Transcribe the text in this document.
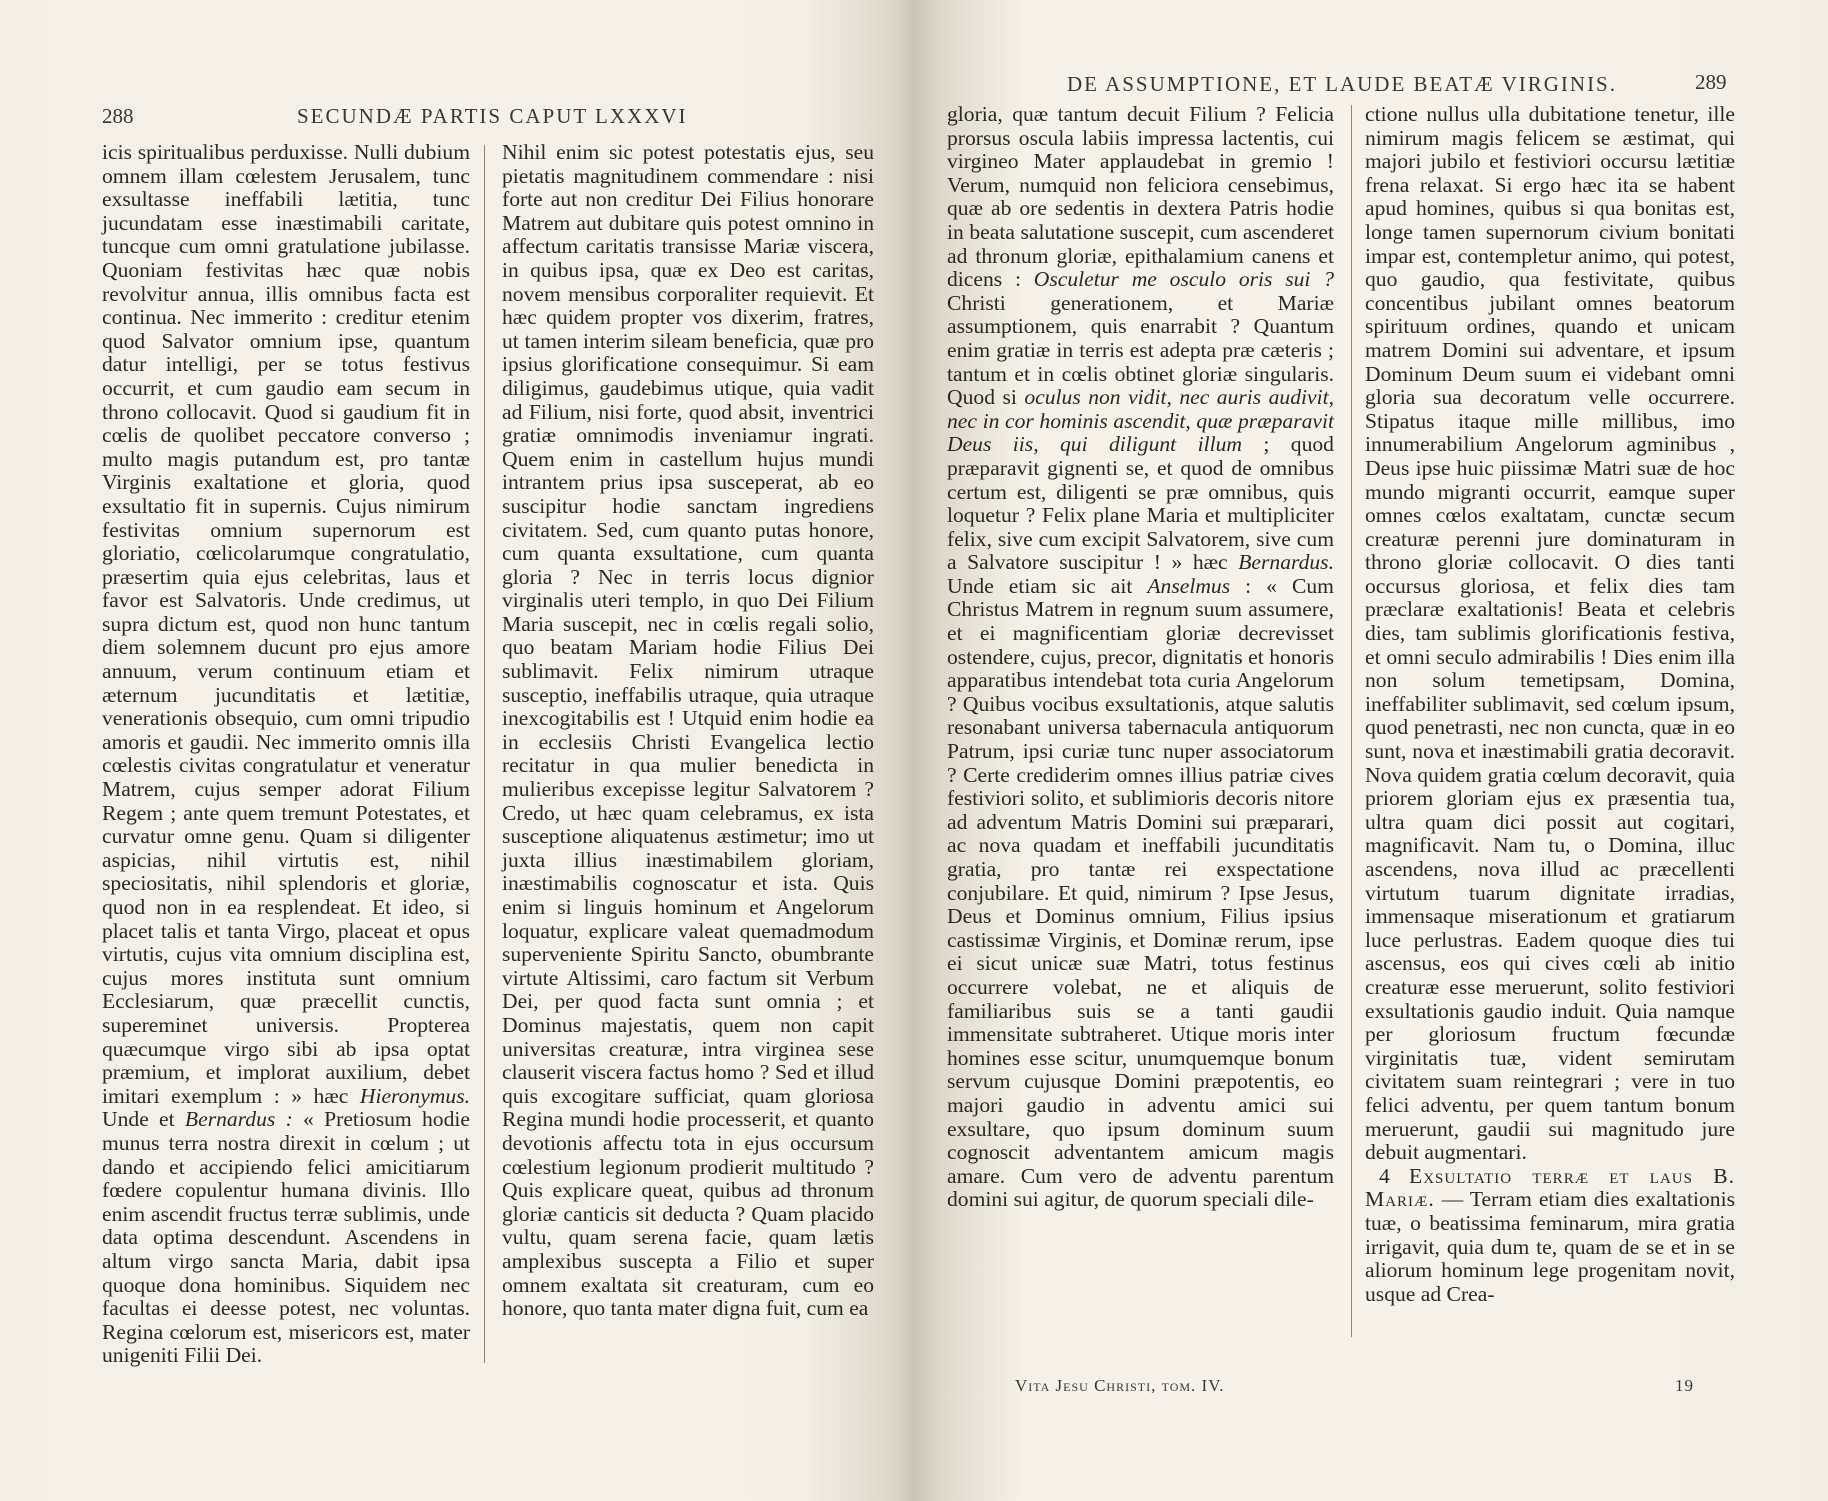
288	SECUNDÆ PARTIS CAPUT LXXXVI

icis spiritualibus perduxisse. Nulli dubium omnem illam cœlestem Jerusalem, tunc exsultasse ineffabili lætitia, tunc jucundatam esse inæstimabili caritate, tuncque cum omni gratulatione jubilasse. Quoniam festivitas hæc quæ nobis revolvitur annua, illis omnibus facta est continua. Nec immerito : creditur etenim quod Salvator omnium ipse, quantum datur intelligi, per se totus festivus occurrit, et cum gaudio eam secum in throno collocavit. Quod si gaudium fit in cœlis de quolibet peccatore converso ; multo magis putandum est, pro tantæ Virginis exaltatione et gloria, quod exsultatio fit in supernis. Cujus nimirum festivitas omnium supernorum est gloriatio, cœlicolarumque congratulatio, præsertim quia ejus celebritas, laus et favor est Salvatoris. Unde credimus, ut supra dictum est, quod non hunc tantum diem solemnem ducunt pro ejus amore annuum, verum continuum etiam et æternum jucunditatis et lætitiæ, venerationis obsequio, cum omni tripudio amoris et gaudii. Nec immerito omnis illa cœlestis civitas congratulatur et veneratur Matrem, cujus semper adorat Filium Regem ; ante quem tremunt Potestates, et curvatur omne genu. Quam si diligenter aspicias, nihil virtutis est, nihil speciositatis, nihil splendoris et gloriæ, quod non in ea resplendeat. Et ideo, si placet talis et tanta Virgo, placeat et opus virtutis, cujus vita omnium disciplina est, cujus mores instituta sunt omnium Ecclesiarum, quæ præcellit cunctis, supereminet universis. Propterea quæcumque virgo sibi ab ipsa optat præmium, et implorat auxilium, debet imitari exemplum : » hæc Hieronymus. Unde et Bernardus : « Pretiosum hodie munus terra nostra direxit in cœlum ; ut dando et accipiendo felici amicitiarum fœdere copulentur humana divinis. Illo enim ascendit fructus terræ sublimis, unde data optima descendunt. Ascendens in altum virgo sancta Maria, dabit ipsa quoque dona hominibus. Siquidem nec facultas ei deesse potest, nec voluntas. Regina cœlorum est, misericors est, mater unigeniti Filii Dei.

Nihil enim sic potest potestatis ejus, seu pietatis magnitudinem commendare : nisi forte aut non creditur Dei Filius honorare Matrem aut dubitare quis potest omnino in affectum caritatis transisse Mariæ viscera, in quibus ipsa, quæ ex Deo est caritas, novem mensibus corporaliter requievit. Et hæc quidem propter vos dixerim, fratres, ut tamen interim sileam beneficia, quæ pro ipsius glorificatione consequimur. Si eam diligimus, gaudebimus utique, quia vadit ad Filium, nisi forte, quod absit, inventrici gratiæ omnimodis inveniamur ingrati. Quem enim in castellum hujus mundi intrantem prius ipsa susceperat, ab eo suscipitur hodie sanctam ingrediens civitatem. Sed, cum quanto putas honore, cum quanta exsultatione, cum quanta gloria ? Nec in terris locus dignior virginalis uteri templo, in quo Dei Filium Maria suscepit, nec in cœlis regali solio, quo beatam Mariam hodie Filius Dei sublimavit. Felix nimirum utraque susceptio, ineffabilis utraque, quia utraque inexcogitabilis est ! Utquid enim hodie ea in ecclesiis Christi Evangelica lectio recitatur in qua mulier benedicta in mulieribus excepisse legitur Salvatorem ? Credo, ut hæc quam celebramus, ex ista susceptione aliquatenus æstimetur; imo ut juxta illius inæstimabilem gloriam, inæstimabilis cognoscatur et ista. Quis enim si linguis hominum et Angelorum loquatur, explicare valeat quemadmodum superveniente Spiritu Sancto, obumbrante virtute Altissimi, caro factum sit Verbum Dei, per quod facta sunt omnia ; et Dominus majestatis, quem non capit universitas creaturæ, intra virginea sese clauserit viscera factus homo ? Sed et illud quis excogitare sufficiat, quam gloriosa Regina mundi hodie processerit, et quanto devotionis affectu tota in ejus occursum cœlestium legionum prodierit multitudo ? Quis explicare queat, quibus ad thronum gloriæ canticis sit deducta ? Quam placido vultu, quam serena facie, quam lætis amplexibus suscepta a Filio et super omnem exaltata sit creaturam, cum eo honore, quo tanta mater digna fuit, cum ea

DE ASSUMPTIONE, ET LAUDE BEATÆ VIRGINIS.	289

gloria, quæ tantum decuit Filium ? Felicia prorsus oscula labiis impressa lactentis, cui virgineo Mater applaudebat in gremio ! Verum, numquid non feliciora censebimus, quæ ab ore sedentis in dextera Patris hodie in beata salutatione suscepit, cum ascenderet ad thronum gloriæ, epithalamium canens et dicens : Osculetur me osculo oris sui ? Christi generationem, et Mariæ assumptionem, quis enarrabit ? Quantum enim gratiæ in terris est adepta præ cæteris ; tantum et in cœlis obtinet gloriæ singularis. Quod si oculus non vidit, nec auris audivit, nec in cor hominis ascendit, quæ præparavit Deus iis, qui diligunt illum ; quod præparavit gignenti se, et quod de omnibus certum est, diligenti se præ omnibus, quis loquetur ? Felix plane Maria et multipliciter felix, sive cum excipit Salvatorem, sive cum a Salvatore suscipitur ! » hæc Bernardus. Unde etiam sic ait Anselmus : « Cum Christus Matrem in regnum suum assumere, et ei magnificentiam gloriæ decrevisset ostendere, cujus, precor, dignitatis et honoris apparatibus intendebat tota curia Angelorum ? Quibus vocibus exsultationis, atque salutis resonabant universa tabernacula antiquorum Patrum, ipsi curiæ tunc nuper associatorum ? Certe crediderim omnes illius patriæ cives festiviori solito, et sublimioris decoris nitore ad adventum Matris Domini sui præparari, ac nova quadam et ineffabili jucunditatis gratia, pro tantæ rei exspectatione conjubilare. Et quid, nimirum ? Ipse Jesus, Deus et Dominus omnium, Filius ipsius castissimæ Virginis, et Dominæ rerum, ipse ei sicut unicæ suæ Matri, totus festinus occurrere volebat, ne et aliquis de familiaribus suis se a tanti gaudii immensitate subtraheret. Utique moris inter homines esse scitur, unumquemque bonum servum cujusque Domini præpotentis, eo majori gaudio in adventu amici sui exsultare, quo ipsum dominum suum cognoscit adventantem amicum magis amare. Cum vero de adventu parentum domini sui agitur, de quorum speciali dile-

ctione nullus ulla dubitatione tenetur, ille nimirum magis felicem se æstimat, qui majori jubilo et festiviori occursu lætitiæ frena relaxat. Si ergo hæc ita se habent apud homines, quibus si qua bonitas est, longe tamen supernorum civium bonitati impar est, contempletur animo, qui potest, quo gaudio, qua festivitate, quibus concentibus jubilant omnes beatorum spirituum ordines, quando et unicam matrem Domini sui adventare, et ipsum Dominum Deum suum ei videbant omni gloria sua decoratum velle occurrere. Stipatus itaque mille millibus, imo innumerabilium Angelorum agminibus , Deus ipse huic piissimæ Matri suæ de hoc mundo migranti occurrit, eamque super omnes cœlos exaltatam, cunctæ secum creaturæ perenni jure dominaturam in throno gloriæ collocavit. O dies tanti occursus gloriosa, et felix dies tam præclaræ exaltationis! Beata et celebris dies, tam sublimis glorificationis festiva, et omni seculo admirabilis ! Dies enim illa non solum temetipsam, Domina, ineffabiliter sublimavit, sed cœlum ipsum, quod penetrasti, nec non cuncta, quæ in eo sunt, nova et inæstimabili gratia decoravit. Nova quidem gratia cœlum decoravit, quia priorem gloriam ejus ex præsentia tua, ultra quam dici possit aut cogitari, magnificavit. Nam tu, o Domina, illuc ascendens, nova illud ac præcellenti virtutum tuarum dignitate irradias, immensaque miserationum et gratiarum luce perlustras. Eadem quoque dies tui ascensus, eos qui cives cœli ab initio creaturæ esse meruerunt, solito festiviori exsultationis gaudio induit. Quia namque per gloriosum fructum fœcundæ virginitatis tuæ, vident semirutam civitatem suam reintegrari ; vere in tuo felici adventu, per quem tantum bonum meruerunt, gaudii sui magnitudo jure debuit augmentari.

4 Exsultatio terræ et laus B. Mariæ. — Terram etiam dies exaltationis tuæ, o beatissima feminarum, mira gratia irrigavit, quia dum te, quam de se et in se aliorum hominum lege progenitam novit, usque ad Crea-

Vita Jesu Christi, tom. IV.	19
